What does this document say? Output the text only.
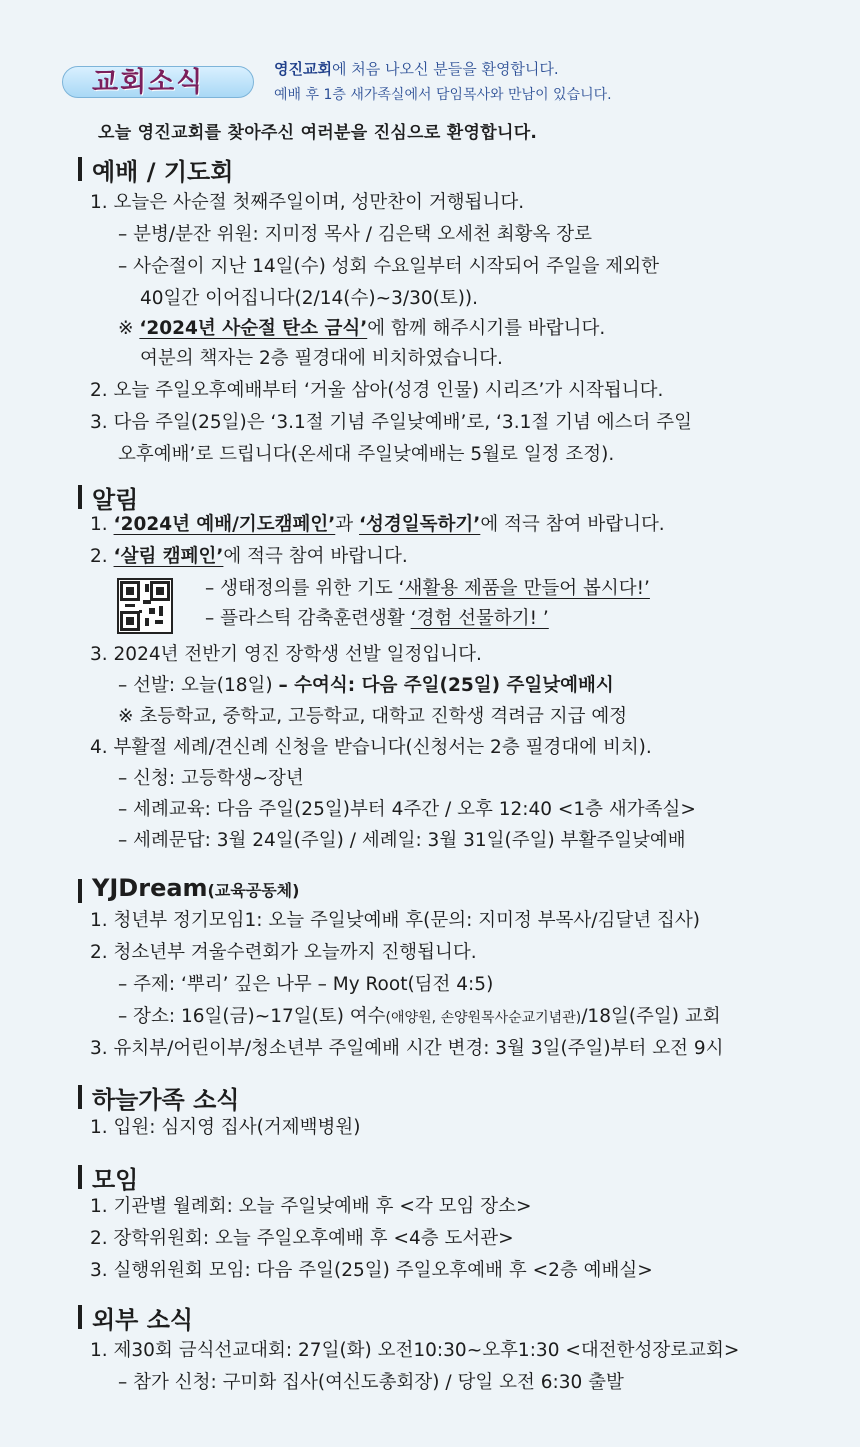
교회소식	영진교회에 처음 나오신 분들을 환영합니다.
예배 후 1층 새가족실에서 담임목사와 만남이 있습니다.
오늘 영진교회를 찾아주신 여러분을 진심으로 환영합니다.
예배 / 기도회
1. 오늘은 사순절 첫째주일이며, 성만찬이 거행됩니다.
– 분병/분잔 위원: 지미정 목사 / 김은택 오세천 최황옥 장로
– 사순절이 지난 14일(수) 성회 수요일부터 시작되어 주일을 제외한
40일간 이어집니다(2/14(수)~3/30(토)).
※ ‘2024년 사순절 탄소 금식’에 함께 해주시기를 바랍니다.
여분의 책자는 2층 필경대에 비치하였습니다.
2. 오늘 주일오후예배부터 ‘거울 삼아(성경 인물) 시리즈’가 시작됩니다.
3. 다음 주일(25일)은 ‘3.1절 기념 주일낮예배’로, ‘3.1절 기념 에스더 주일
오후예배’로 드립니다(온세대 주일낮예배는 5월로 일정 조정).
알림
1. ‘2024년 예배/기도캠페인’과 ‘성경일독하기’에 적극 참여 바랍니다.
2. ‘살림 캠페인’에 적극 참여 바랍니다.
– 생태정의를 위한 기도 ‘새활용 제품을 만들어 봅시다!’
– 플라스틱 감축훈련생활 ‘경험 선물하기! ’
3. 2024년 전반기 영진 장학생 선발 일정입니다.
– 선발: 오늘(18일) – 수여식: 다음 주일(25일) 주일낮예배시
※ 초등학교, 중학교, 고등학교, 대학교 진학생 격려금 지급 예정
4. 부활절 세례/견신례 신청을 받습니다(신청서는 2층 필경대에 비치).
– 신청: 고등학생~장년
– 세례교육: 다음 주일(25일)부터 4주간 / 오후 12:40 <1층 새가족실>
– 세례문답: 3월 24일(주일) / 세례일: 3월 31일(주일) 부활주일낮예배
YJDream(교육공동체)
1. 청년부 정기모임1: 오늘 주일낮예배 후(문의: 지미정 부목사/김달년 집사)
2. 청소년부 겨울수련회가 오늘까지 진행됩니다.
– 주제: ‘뿌리’ 깊은 나무 – My Root(딤전 4:5)
– 장소: 16일(금)~17일(토) 여수(애양원, 손양원목사순교기념관)/18일(주일) 교회
3. 유치부/어린이부/청소년부 주일예배 시간 변경: 3월 3일(주일)부터 오전 9시
하늘가족 소식
1. 입원: 심지영 집사(거제백병원)
모임
1. 기관별 월례회: 오늘 주일낮예배 후 <각 모임 장소>
2. 장학위원회: 오늘 주일오후예배 후 <4층 도서관>
3. 실행위원회 모임: 다음 주일(25일) 주일오후예배 후 <2층 예배실>
외부 소식
1. 제30회 금식선교대회: 27일(화) 오전10:30~오후1:30 <대전한성장로교회>
– 참가 신청: 구미화 집사(여신도총회장) / 당일 오전 6:30 출발
